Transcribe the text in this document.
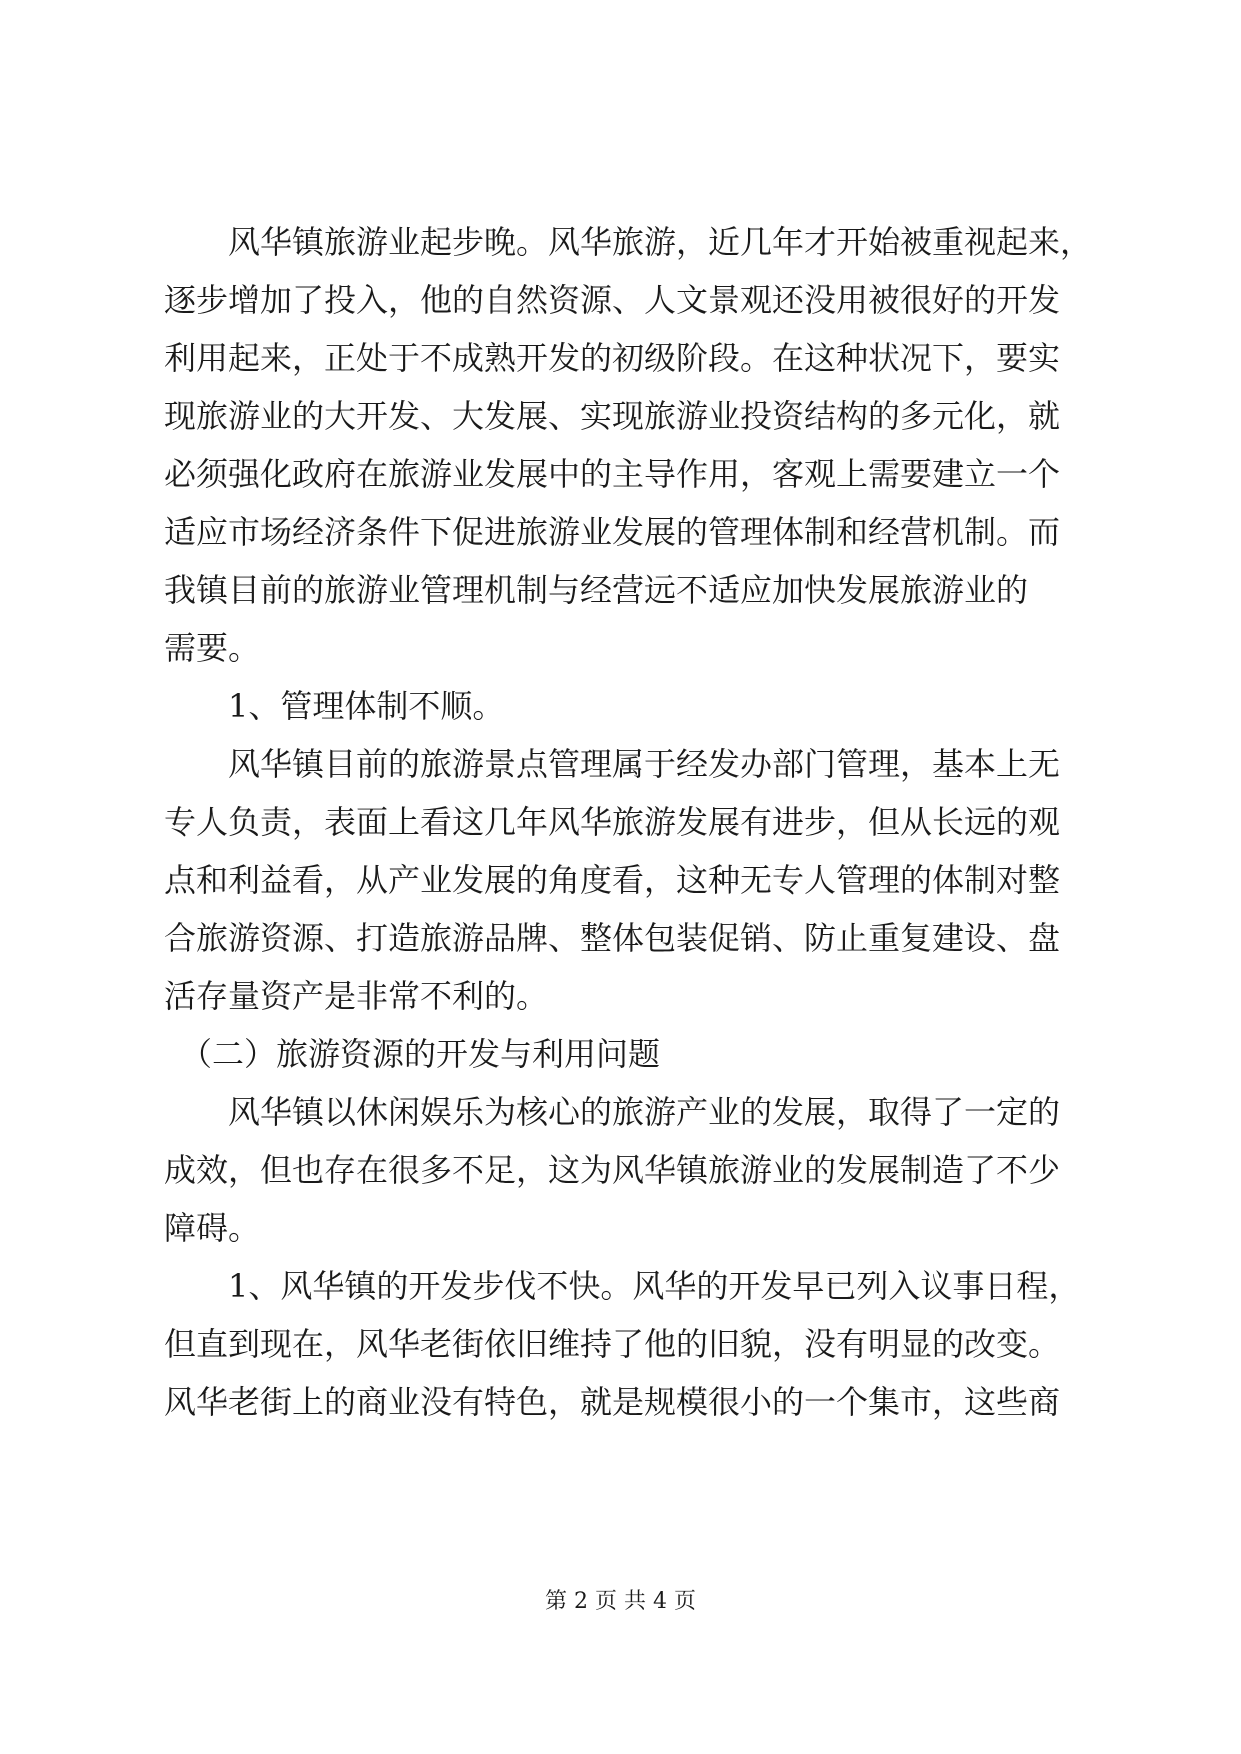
　　风华镇旅游业起步晚。风华旅游，近几年才开始被重视起来，
逐步增加了投入，他的自然资源、人文景观还没用被很好的开发
利用起来，正处于不成熟开发的初级阶段。在这种状况下，要实
现旅游业的大开发、大发展、实现旅游业投资结构的多元化，就
必须强化政府在旅游业发展中的主导作用，客观上需要建立一个
适应市场经济条件下促进旅游业发展的管理体制和经营机制。而
我镇目前的旅游业管理机制与经营远不适应加快发展旅游业的
需要。
　　1、管理体制不顺。
　　风华镇目前的旅游景点管理属于经发办部门管理，基本上无
专人负责，表面上看这几年风华旅游发展有进步，但从长远的观
点和利益看，从产业发展的角度看，这种无专人管理的体制对整
合旅游资源、打造旅游品牌、整体包装促销、防止重复建设、盘
活存量资产是非常不利的。
　（二）旅游资源的开发与利用问题
　　风华镇以休闲娱乐为核心的旅游产业的发展，取得了一定的
成效，但也存在很多不足，这为风华镇旅游业的发展制造了不少
障碍。
　　1、风华镇的开发步伐不快。风华的开发早已列入议事日程，
但直到现在，风华老街依旧维持了他的旧貌，没有明显的改变。
风华老街上的商业没有特色，就是规模很小的一个集市，这些商
第 2 页 共 4 页
